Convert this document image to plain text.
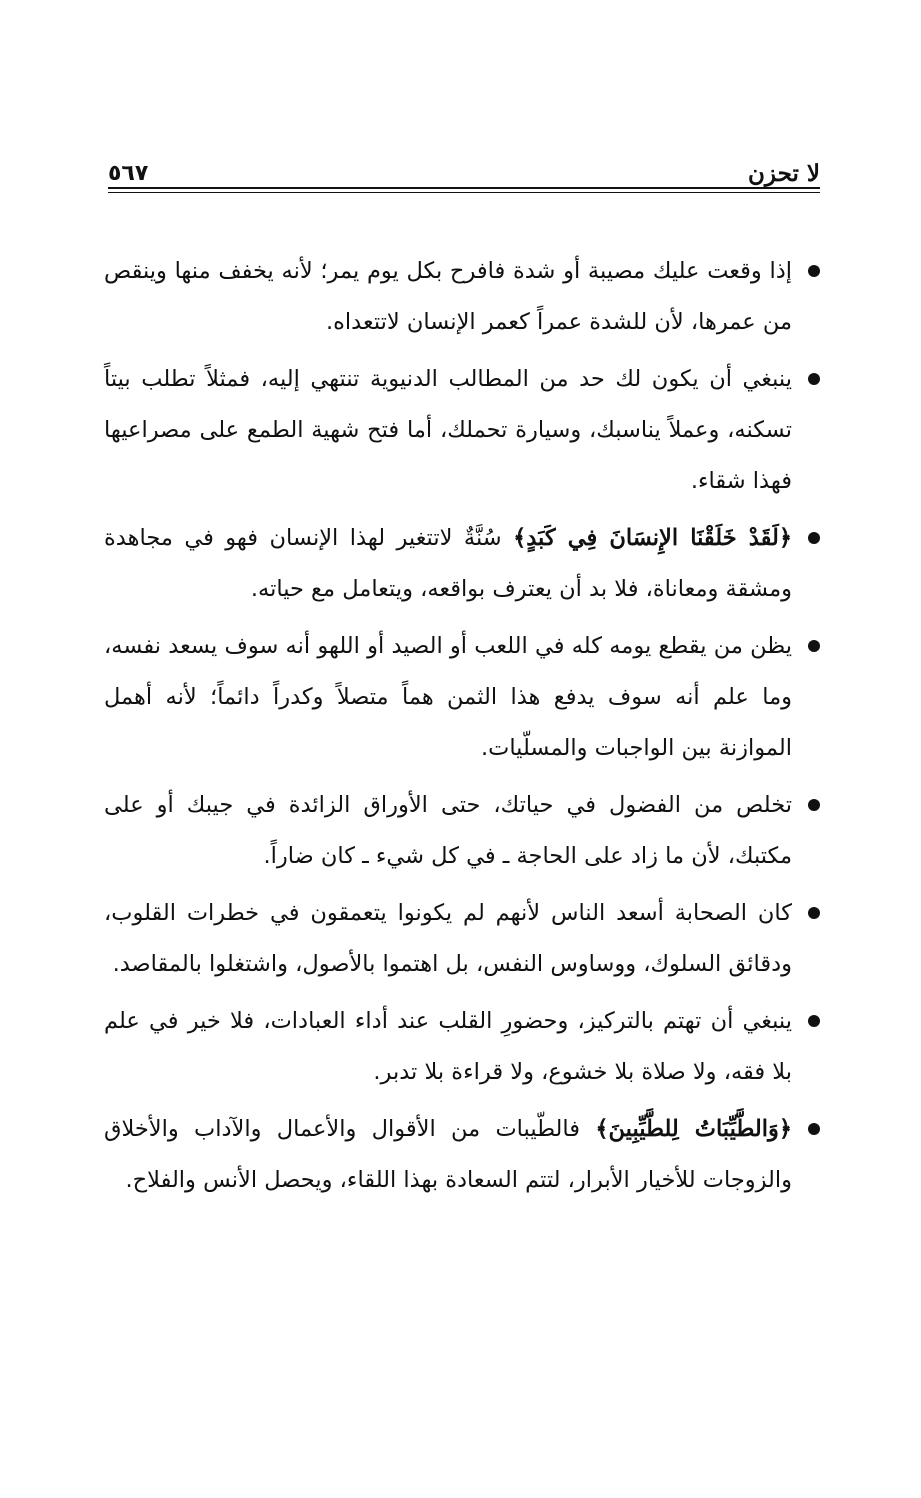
لا تحزن
٥٦٧
إذا وقعت عليك مصيبة أو شدة فافرح بكل يوم يمر؛ لأنه يخفف منها وينقص من عمرها، لأن للشدة عمراً كعمر الإنسان لاتتعداه.
ينبغي أن يكون لك حد من المطالب الدنيوية تنتهي إليه، فمثلاً تطلب بيتاً تسكنه، وعملاً يناسبك، وسيارة تحملك، أما فتح شهية الطمع على مصراعيها فهذا شقاء.
﴿لَقَدْ خَلَقْنَا الإِنسَانَ فِي كَبَدٍ﴾ سُنَّةٌ لاتتغير لهذا الإنسان فهو في مجاهدة ومشقة ومعاناة، فلا بد أن يعترف بواقعه، ويتعامل مع حياته.
يظن من يقطع يومه كله في اللعب أو الصيد أو اللهو أنه سوف يسعد نفسه، وما علم أنه سوف يدفع هذا الثمن هماً متصلاً وكدراً دائماً؛ لأنه أهمل الموازنة بين الواجبات والمسلّيات.
تخلص من الفضول في حياتك، حتى الأوراق الزائدة في جيبك أو على مكتبك، لأن ما زاد على الحاجة ـ في كل شيء ـ كان ضاراً.
كان الصحابة أسعد الناس لأنهم لم يكونوا يتعمقون في خطرات القلوب، ودقائق السلوك، ووساوس النفس، بل اهتموا بالأصول، واشتغلوا بالمقاصد.
ينبغي أن تهتم بالتركيز، وحضورِ القلب عند أداء العبادات، فلا خير في علم بلا فقه، ولا صلاة بلا خشوع، ولا قراءة بلا تدبر.
﴿وَالطَّيِّبَاتُ لِلطَّيِّبِينَ﴾ فالطّيبات من الأقوال والأعمال والآداب والأخلاق والزوجات للأخيار الأبرار، لتتم السعادة بهذا اللقاء، ويحصل الأنس والفلاح.
